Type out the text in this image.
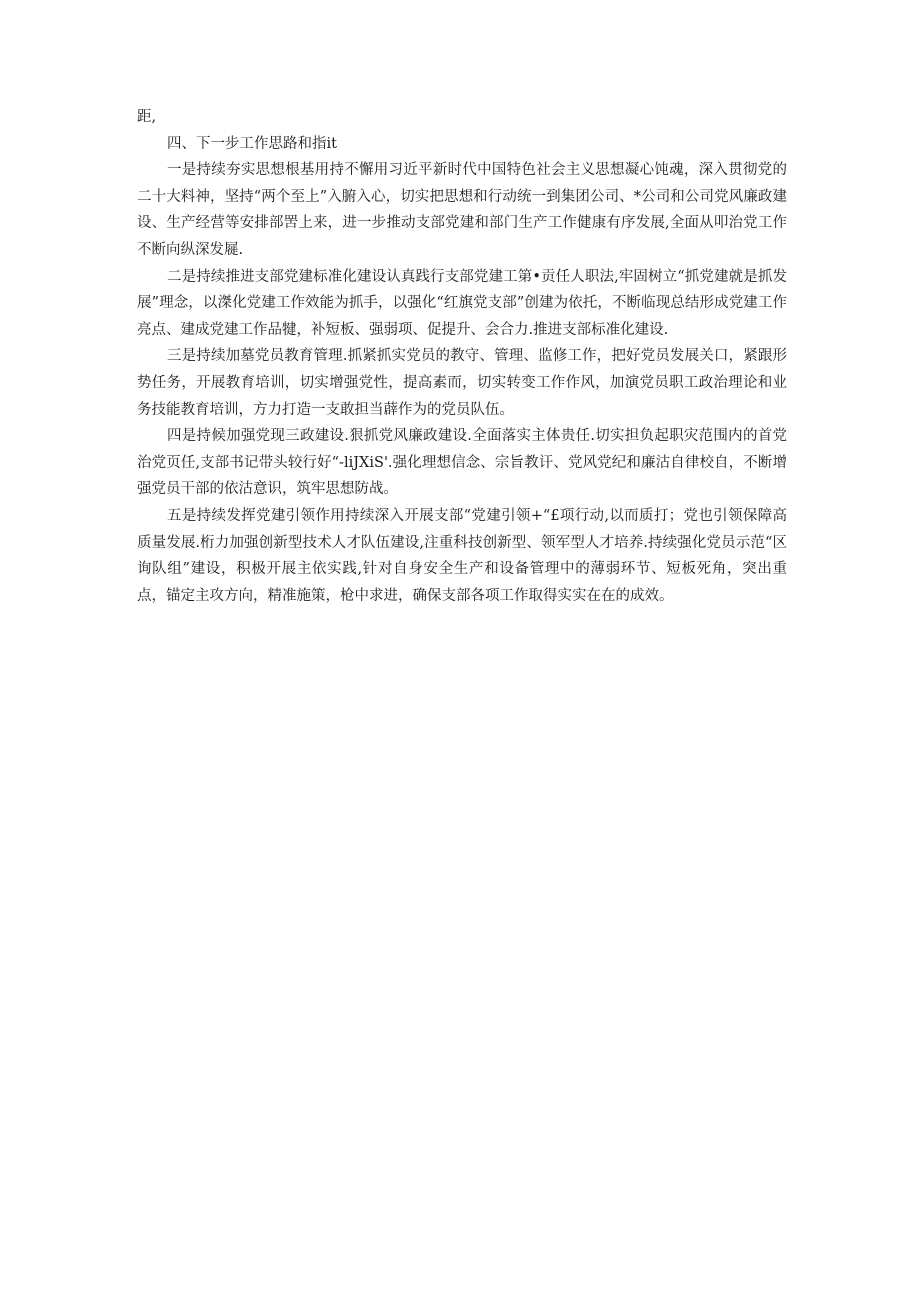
距,

四、下一步工作思路和指it

一是持续夯实思想根基用持不懈用习近平新时代中国特色社会主义思想凝心饨魂，深入贯彻党的二十大料神，坚持“两个至上”入腑入心，切实把思想和行动统一到集团公司、*公司和公司党风廉政建设、生产经营等安排部罟上来，进一步推动支部党建和部门生产工作健康有序发展,全面从叩治党工作不断向纵深发屣.

二是持续推进支部党建标准化建设认真践行支部党建工第•贡任人职法,牢固树立“抓党建就是抓发展”理念，以滐化党建工作效能为抓手，以强化“红旗党支部”创建为依托，不断临现总结形成党建工作亮点、建成党建工作品犍，补短板、强弱项、促提升、会合力.推进支部标准化建设.

三是持续加墓党员教育管理.抓紧抓实党员的教守、管理、监修工作，把好党员发展关口，紧跟形势任务，开展教育培训，切实增强党性，提高素而，切实转变工作作风，加演党员职工政治理论和业务技能教育培训，方力打造一支敢担当薜作为的党员队伍。

四是持候加强党现三政建设.狠抓党风廉政建设.全面落实主体贵任.切实担负起职灾范围内的首党治党页任,支部书记带头较行好“-liJXiS'.强化理想信念、宗旨教讦、党风党纪和廉沽自律校自，不断增强党员干部的依沽意识，筑牢思想防战。

五是持续发挥党建引领作用持续深入开展支部“党建引领+“£项行动,以而质打；党也引领保障高质量发展.桁力加强创新型技术人才队伍建设,注重科技创新型、领军型人才培养.持续强化党员示范“区询队组”建设，积极开展主依实践,针对自身安全生产和设备管理中的薄弱环节、短板死角，突出重点，锚定主攻方向，精准施策，枪中求进，确保支部各项工作取得实实在在的成效。
